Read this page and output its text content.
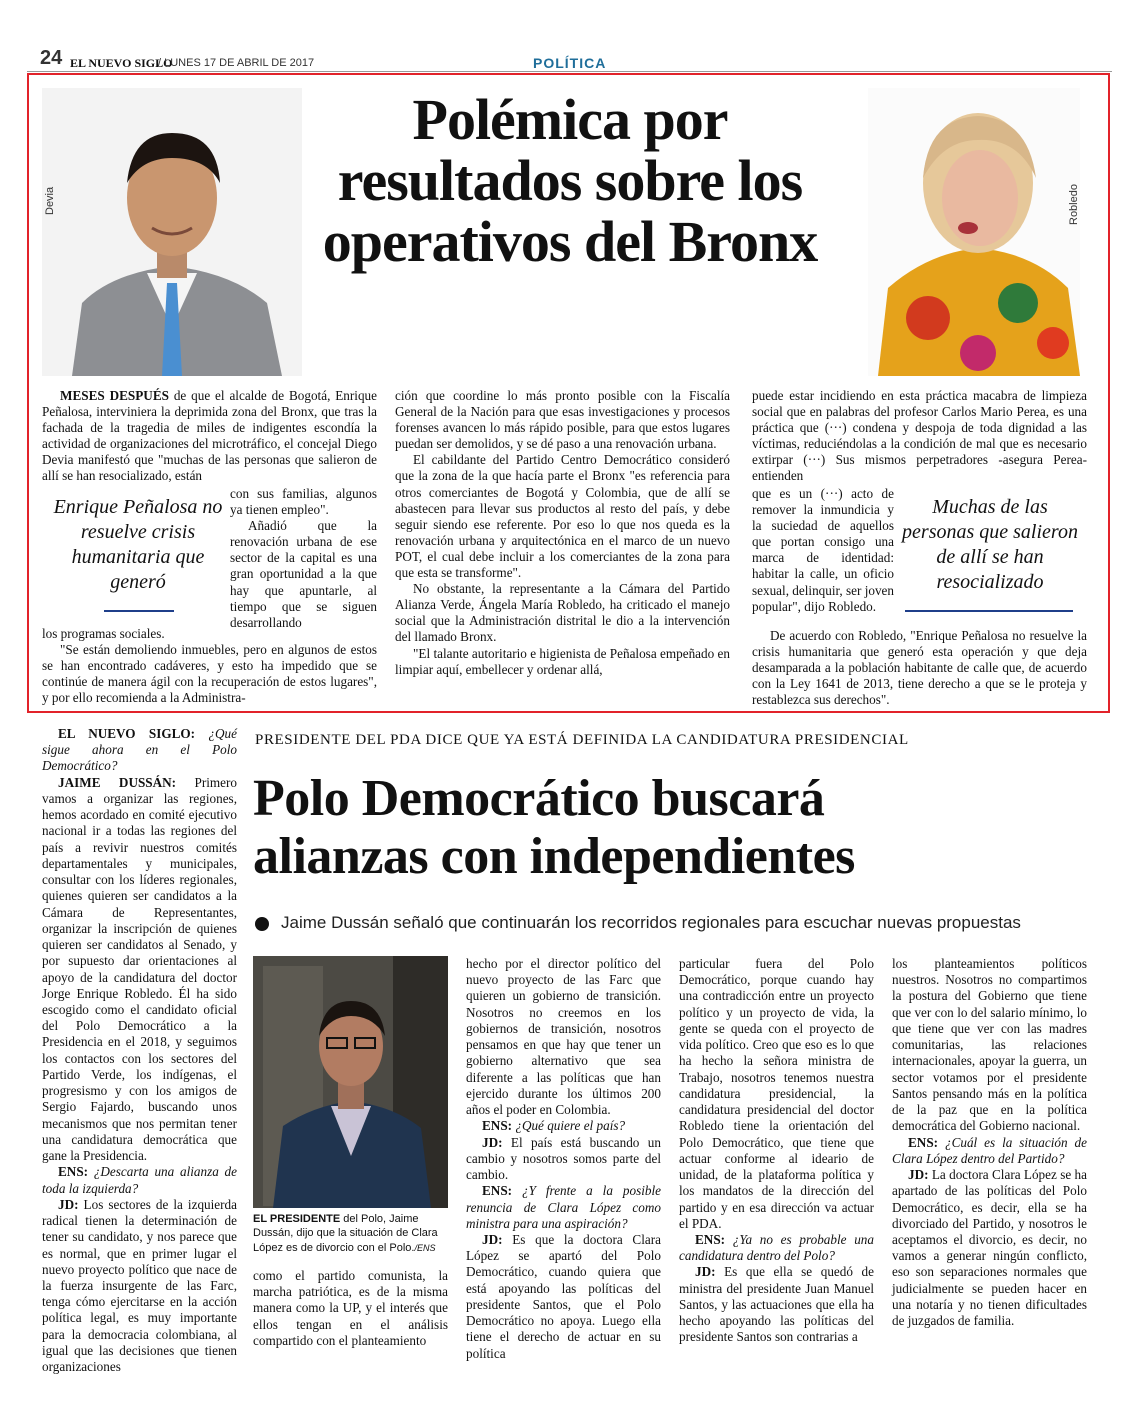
24 EL NUEVO SIGLO
/ LUNES 17 DE ABRIL DE 2017	POLÍTICA
Devia	Robledo
Polémica por resultados sobre los operativos del Bronx

MESES DESPUÉS de que el alcalde de Bogotá, Enrique Peñalosa, interviniera la deprimida zona del Bronx, que tras la fachada de la tragedia de miles de indigentes escondía la actividad de organizaciones del microtráfico, el concejal Diego Devia manifestó que "muchas de las personas que salieron de allí se han resocializado, están

con sus familias, algunos ya tienen empleo".

Añadió que la renovación urbana de ese sector de la capital es una gran oportunidad a la que hay que apuntarle, al tiempo que se siguen desarrollando

Enrique Peñalosa no resuelve crisis humanitaria que generó

los programas sociales.

"Se están demoliendo inmuebles, pero en algunos de estos se han encontrado cadáveres, y esto ha impedido que se continúe de manera ágil con la recuperación de estos lugares", y por ello recomienda a la Administra-

ción que coordine lo más pronto posible con la Fiscalía General de la Nación para que esas investigaciones y procesos forenses avancen lo más rápido posible, para que estos lugares puedan ser demolidos, y se dé paso a una renovación urbana.

El cabildante del Partido Centro Democrático consideró que la zona de la que hacía parte el Bronx "es referencia para otros comerciantes de Bogotá y Colombia, que de allí se abastecen para llevar sus productos al resto del país, y debe seguir siendo ese referente. Por eso lo que nos queda es la renovación urbana y arquitectónica en el marco de un nuevo POT, el cual debe incluir a los comerciantes de la zona para que esta se transforme".

No obstante, la representante a la Cámara del Partido Alianza Verde, Ángela María Robledo, ha criticado el manejo social que la Administración distrital le dio a la intervención del llamado Bronx.

"El talante autoritario e higienista de Peñalosa empeñado en limpiar aquí, embellecer y ordenar allá,

puede estar incidiendo en esta práctica macabra de limpieza social que en palabras del profesor Carlos Mario Perea, es una práctica que (···) condena y despoja de toda dignidad a las víctimas, reduciéndolas a la condición de mal que es necesario extirpar (···) Sus mismos perpetradores -asegura Perea- entienden

que es un (···) acto de remover la inmundicia y la suciedad de aquellos que portan consigo una marca de identidad: habitar la calle, un oficio sexual, delinquir, ser joven popular", dijo Robledo.

Muchas de las personas que salieron de allí se han resocializado

De acuerdo con Robledo, "Enrique Peñalosa no resuelve la crisis humanitaria que generó esta operación y que deja desamparada a la población habitante de calle que, de acuerdo con la Ley 1641 de 2013, tiene derecho a que se le proteja y restablezca sus derechos".

EL NUEVO SIGLO: ¿Qué sigue ahora en el Polo Democrático?

JAIME DUSSÁN: Primero vamos a organizar las regiones, hemos acordado en comité ejecutivo nacional ir a todas las regiones del país a revivir nuestros comités departamentales y municipales, consultar con los líderes regionales, quienes quieren ser candidatos a la Cámara de Representantes, organizar la inscripción de quienes quieren ser candidatos al Senado, y por supuesto dar orientaciones al apoyo de la candidatura del doctor Jorge Enrique Robledo. Él ha sido escogido como el candidato oficial del Polo Democrático a la Presidencia en el 2018, y seguimos los contactos con los sectores del Partido Verde, los indígenas, el progresismo y con los amigos de Sergio Fajardo, buscando unos mecanismos que nos permitan tener una candidatura democrática que gane la Presidencia.

ENS: ¿Descarta una alianza de toda la izquierda?

JD: Los sectores de la izquierda radical tienen la determinación de tener su candidato, y nos parece que es normal, que en primer lugar el nuevo proyecto político que nace de la fuerza insurgente de las Farc, tenga cómo ejercitarse en la acción política legal, es muy importante para la democracia colombiana, al igual que las decisiones que tienen organizaciones

PRESIDENTE DEL PDA DICE QUE YA ESTÁ DEFINIDA LA CANDIDATURA PRESIDENCIAL
Polo Democrático buscará
alianzas con independientes
Jaime Dussán señaló que continuarán los recorridos regionales para escuchar nuevas propuestas
EL PRESIDENTE del Polo, Jaime Dussán, dijo que la situación de Clara López es de divorcio con el Polo./ENS

como el partido comunista, la marcha patriótica, es de la misma manera como la UP, y el interés que ellos tengan en el análisis compartido con el planteamiento

hecho por el director político del nuevo proyecto de las Farc que quieren un gobierno de transición. Nosotros no creemos en los gobiernos de transición, nosotros pensamos en que hay que tener un gobierno alternativo que sea diferente a las políticas que han ejercido durante los últimos 200 años el poder en Colombia.

ENS: ¿Qué quiere el país?

JD: El país está buscando un cambio y nosotros somos parte del cambio.

ENS: ¿Y frente a la posible renuncia de Clara López como ministra para una aspiración?

JD: Es que la doctora Clara López se apartó del Polo Democrático, cuando quiera que está apoyando las políticas del presidente Santos, que el Polo Democrático no apoya. Luego ella tiene el derecho de actuar en su política

particular fuera del Polo Democrático, porque cuando hay una contradicción entre un proyecto político y un proyecto de vida, la gente se queda con el proyecto de vida político. Creo que eso es lo que ha hecho la señora ministra de Trabajo, nosotros tenemos nuestra candidatura presidencial, la candidatura presidencial del doctor Robledo tiene la orientación del Polo Democrático, que tiene que actuar conforme al ideario de unidad, de la plataforma política y los mandatos de la dirección del partido y en esa dirección va actuar el PDA.

ENS: ¿Ya no es probable una candidatura dentro del Polo?

JD: Es que ella se quedó de ministra del presidente Juan Manuel Santos, y las actuaciones que ella ha hecho apoyando las políticas del presidente Santos son contrarias a

los planteamientos políticos nuestros. Nosotros no compartimos la postura del Gobierno que tiene que ver con lo del salario mínimo, lo que tiene que ver con las madres comunitarias, las relaciones internacionales, apoyar la guerra, un sector votamos por el presidente Santos pensando más en la política de la paz que en la política democrática del Gobierno nacional.

ENS: ¿Cuál es la situación de Clara López dentro del Partido?

JD: La doctora Clara López se ha apartado de las políticas del Polo Democrático, es decir, ella se ha divorciado del Partido, y nosotros le aceptamos el divorcio, es decir, no vamos a generar ningún conflicto, eso son separaciones normales que judicialmente se pueden hacer en una notaría y no tienen dificultades de juzgados de familia.
